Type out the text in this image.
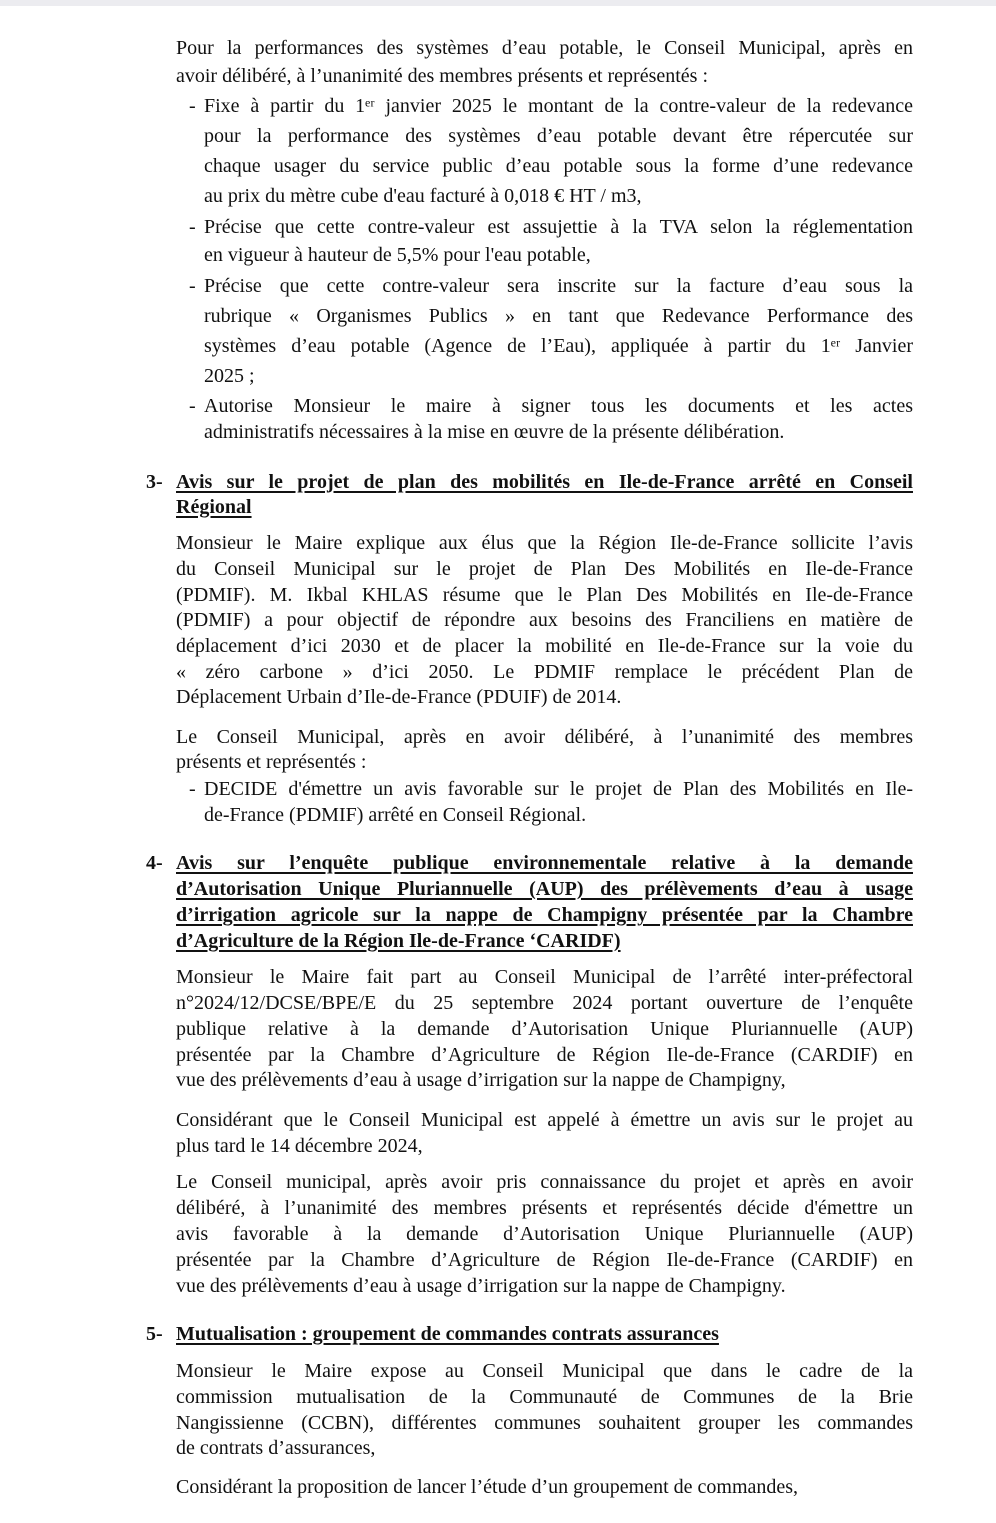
Pour la performances des systèmes d’eau potable, le Conseil Municipal, après en
avoir délibéré, à l’unanimité des membres présents et représentés :
- Fixe à partir du 1ᵉʳ janvier 2025 le montant de la contre-valeur de la redevance
pour la performance des systèmes d’eau potable devant être répercutée sur
chaque usager du service public d’eau potable sous la forme d’une redevance
au prix du mètre cube d'eau facturé à 0,018 € HT / m3,
- Précise que cette contre-valeur est assujettie à la TVA selon la réglementation
en vigueur à hauteur de 5,5% pour l'eau potable,
- Précise que cette contre-valeur sera inscrite sur la facture d’eau sous la
rubrique « Organismes Publics » en tant que Redevance Performance des
systèmes d’eau potable (Agence de l’Eau), appliquée à partir du 1ᵉʳ Janvier
2025 ;
- Autorise Monsieur le maire à signer tous les documents et les actes
administratifs nécessaires à la mise en œuvre de la présente délibération.
3- Avis sur le projet de plan des mobilités en Ile-de-France arrêté en Conseil
Régional
Monsieur le Maire explique aux élus que la Région Ile-de-France sollicite l’avis
du Conseil Municipal sur le projet de Plan Des Mobilités en Ile-de-France
(PDMIF). M. Ikbal KHLAS résume que le Plan Des Mobilités en Ile-de-France
(PDMIF) a pour objectif de répondre aux besoins des Franciliens en matière de
déplacement d’ici 2030 et de placer la mobilité en Ile-de-France sur la voie du
« zéro carbone » d’ici 2050. Le PDMIF remplace le précédent Plan de
Déplacement Urbain d’Ile-de-France (PDUIF) de 2014.
Le Conseil Municipal, après en avoir délibéré, à l’unanimité des membres
présents et représentés :
- DECIDE d'émettre un avis favorable sur le projet de Plan des Mobilités en Ile-
de-France (PDMIF) arrêté en Conseil Régional.
4- Avis sur l’enquête publique environnementale relative à la demande
d’Autorisation Unique Pluriannuelle (AUP) des prélèvements d’eau à usage
d’irrigation agricole sur la nappe de Champigny présentée par la Chambre
d’Agriculture de la Région Ile-de-France ‘CARIDF)
Monsieur le Maire fait part au Conseil Municipal de l’arrêté inter-préfectoral
n°2024/12/DCSE/BPE/E du 25 septembre 2024 portant ouverture de l’enquête
publique relative à la demande d’Autorisation Unique Pluriannuelle (AUP)
présentée par la Chambre d’Agriculture de Région Ile-de-France (CARDIF) en
vue des prélèvements d’eau à usage d’irrigation sur la nappe de Champigny,
Considérant que le Conseil Municipal est appelé à émettre un avis sur le projet au
plus tard le 14 décembre 2024,
Le Conseil municipal, après avoir pris connaissance du projet et après en avoir
délibéré, à l’unanimité des membres présents et représentés décide d'émettre un
avis favorable à la demande d’Autorisation Unique Pluriannuelle (AUP)
présentée par la Chambre d’Agriculture de Région Ile-de-France (CARDIF) en
vue des prélèvements d’eau à usage d’irrigation sur la nappe de Champigny.
5- Mutualisation : groupement de commandes contrats assurances
Monsieur le Maire expose au Conseil Municipal que dans le cadre de la
commission mutualisation de la Communauté de Communes de la Brie
Nangissienne (CCBN), différentes communes souhaitent grouper les commandes
de contrats d’assurances,
Considérant la proposition de lancer l’étude d’un groupement de commandes,
